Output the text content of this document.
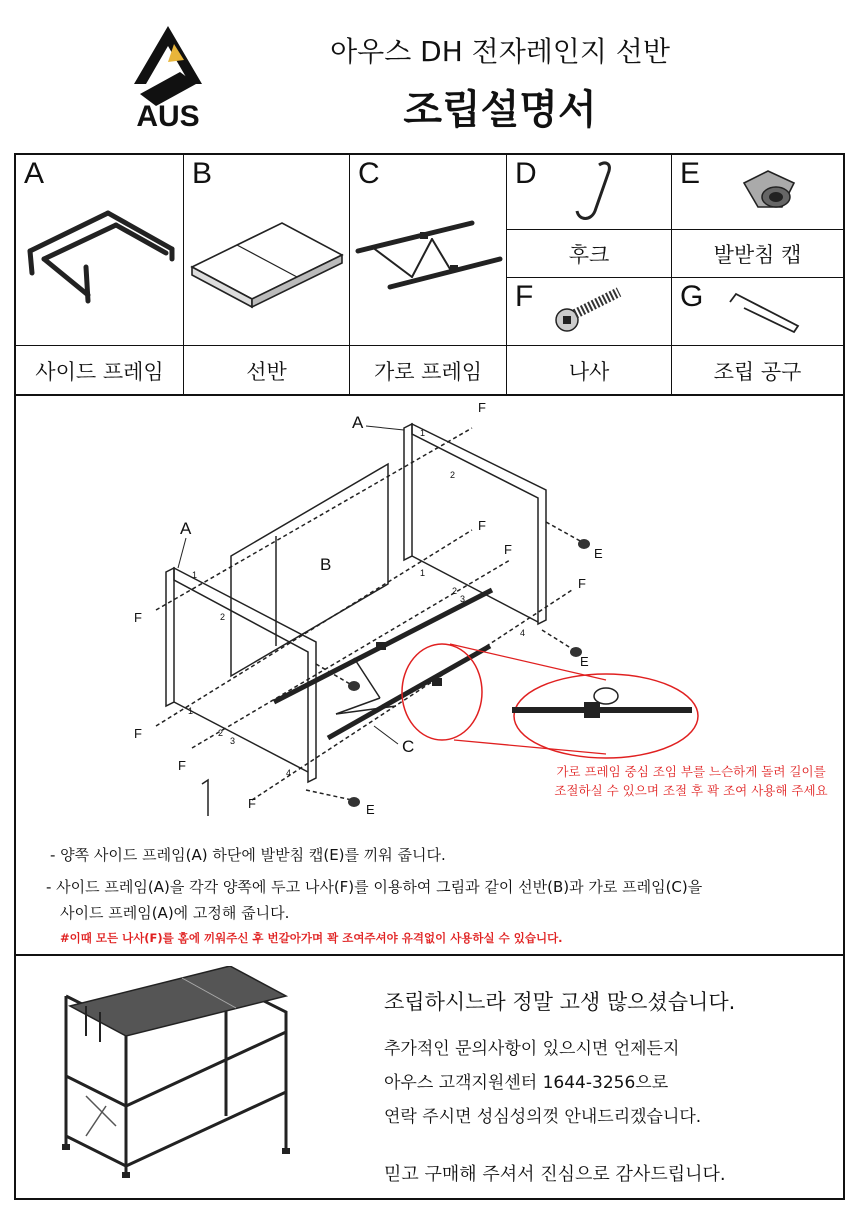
AUS
아우스 DH 전자레인지 선반
조립설명서
A
사이드 프레임
B
선반
C
가로 프레임
D
후크
E
발받침 캡
F
나사
G
조립 공구
A
A
B
C
F
F
F
F
F
F
F
F
E
E
E
1
2
1
2
3
4
1
2
1
2
3
4	가로 프레임 중심 조임 부를 느슨하게 돌려 길이를
조절하실 수 있으며 조절 후 꽉 조여 사용해 주세요
- 양쪽 사이드 프레임(A) 하단에 발받침 캡(E)를 끼워 줍니다.
- 사이드 프레임(A)을 각각 양쪽에 두고 나사(F)를 이용하여 그림과 같이 선반(B)과 가로 프레임(C)을
사이드 프레임(A)에 고정해 줍니다.
#이때 모든 나사(F)를 홈에 끼워주신 후 번갈아가며 꽉 조여주셔야 유격없이 사용하실 수 있습니다.
조립하시느라 정말 고생 많으셨습니다.
추가적인 문의사항이 있으시면 언제든지
아우스 고객지원센터 1644-3256으로
연락 주시면 성심성의껏 안내드리겠습니다.
믿고 구매해 주셔서 진심으로 감사드립니다.
